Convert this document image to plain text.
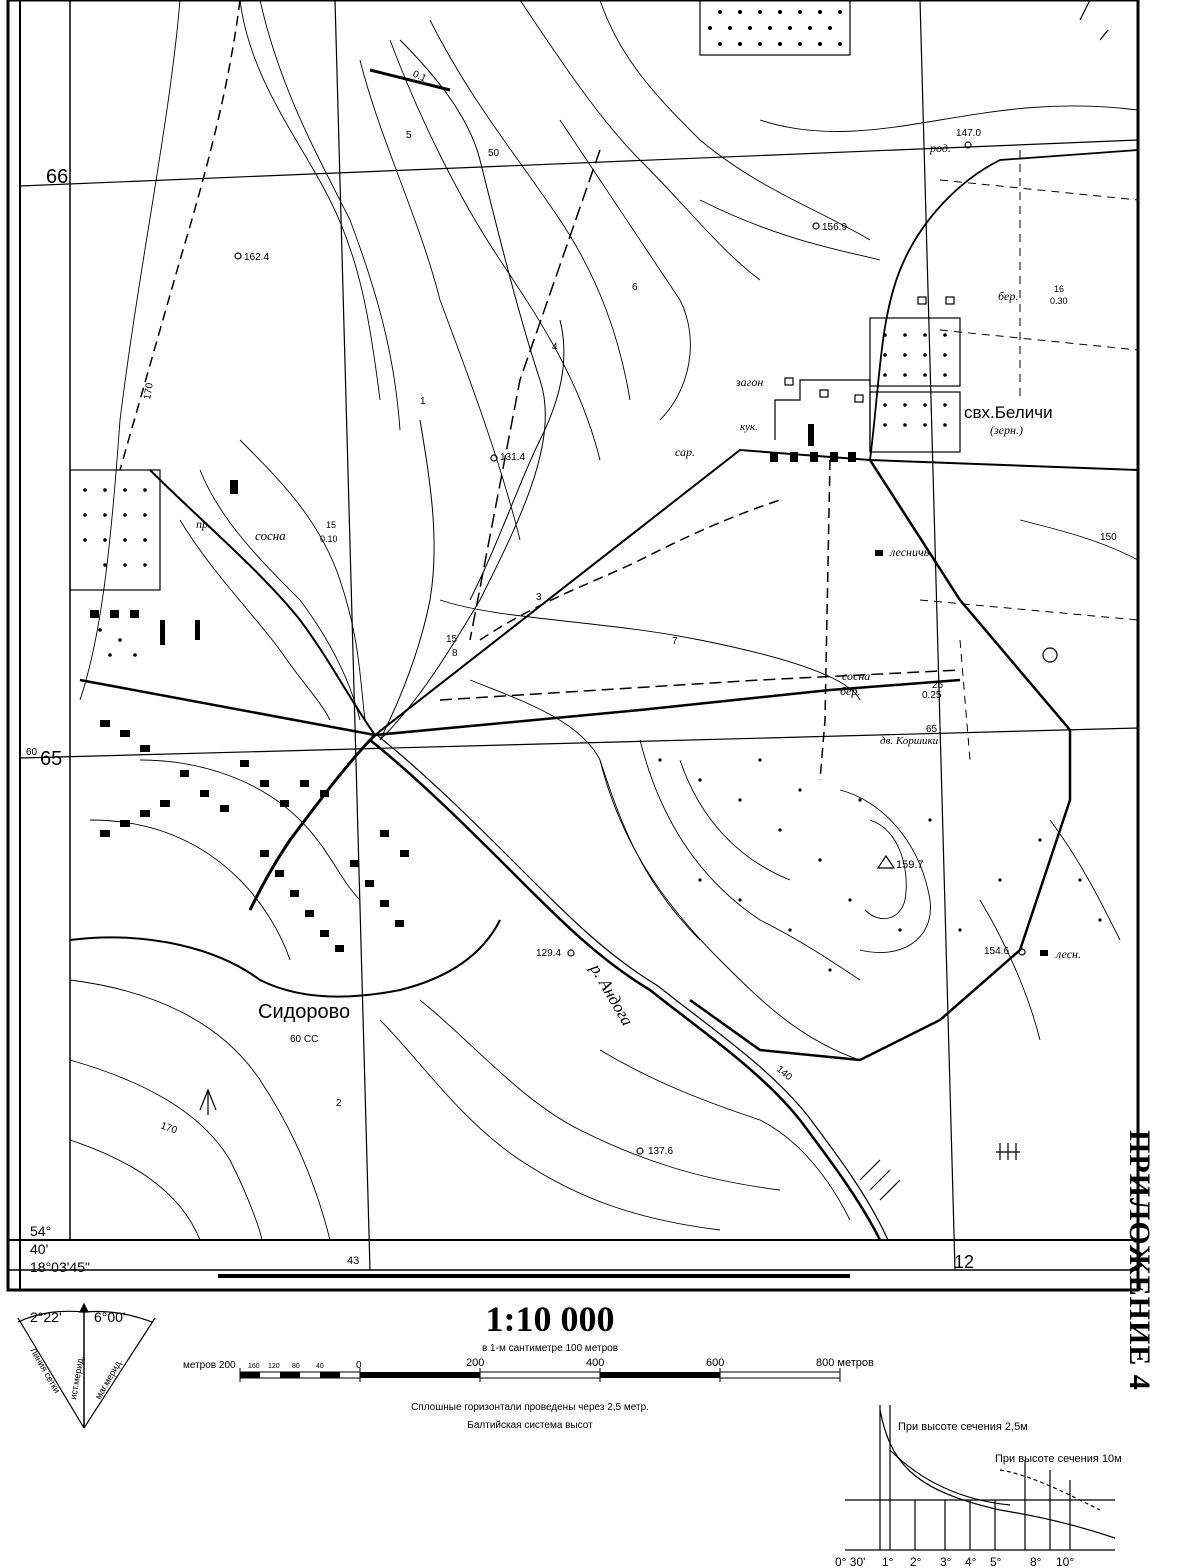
66
65
60
43	12
54°
40'
18°03'45"
162.4
131.4
147.0
156.9
159.7
154.6
129.4
137.6
Сидорово
60 СС
свх.Беличи
(зерн.)
дв. Коршики
загон
лесничь.
лесн.
род.
сар.
пр.
кук.
р. Андога
сосна
15
0.10
бер.	16
0.30
сосна
бер.	25
0.25
170
170
140
150
65
50
5
4
3
2
1
7
15
8
6
0.1
2°22' 6°00'
Линия сетки ист.мерид. маг.мерид.	метров 200 160 120 80 40	0	200	400	600	800 метров
При высоте сечения 2,5м
При высоте сечения 10м
0° 30' 1° 2° 3° 4° 5° 8° 10°
1:10 000
в 1-м сантиметре 100 метров
Сплошные горизонтали проведены через 2,5 метр.
Балтийская система высот
ПРИЛОЖЕНИЕ 4
